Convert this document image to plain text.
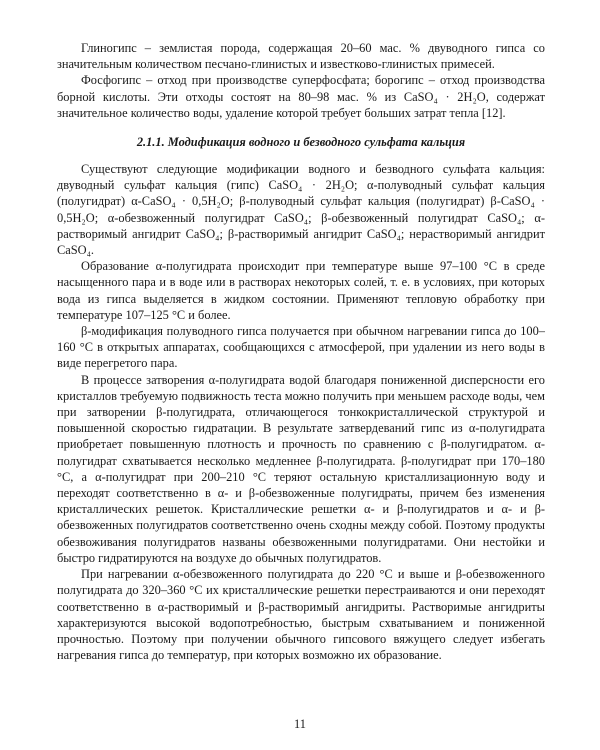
Глиногипс – землистая порода, содержащая 20–60 мас. % двуводного гипса со значительным количеством песчано-глинистых и известково-глинистых примесей.

Фосфогипс – отход при производстве суперфосфата; борогипс – отход производства борной кислоты. Эти отходы состоят на 80–98 мас. % из CaSO₄ · 2H₂O, содержат значительное количество воды, удаление которой требует больших затрат тепла [12].

2.1.1. Модификация водного и безводного сульфата кальция

Существуют следующие модификации водного и безводного сульфата кальция: двуводный сульфат кальция (гипс) CaSO₄ · 2H₂O; α-полуводный сульфат кальция (полугидрат) α-CaSO₄ · 0,5H₂O; β-полуводный сульфат кальция (полугидрат) β-CaSO₄ · 0,5H₂O; α-обезвоженный полугидрат CaSO₄; β-обезвоженный полугидрат CaSO₄; α-растворимый ангидрит CaSO₄; β-растворимый ангидрит CaSO₄; нерастворимый ангидрит CaSO₄.

Образование α-полугидрата происходит при температуре выше 97–100 °С в среде насыщенного пара и в воде или в растворах некоторых солей, т. е. в условиях, при которых вода из гипса выделяется в жидком состоянии. Применяют тепловую обработку при температуре 107–125 °С и более.

β-модификация полуводного гипса получается при обычном нагревании гипса до 100–160 °С в открытых аппаратах, сообщающихся с атмосферой, при удалении из него воды в виде перегретого пара.

В процессе затворения α-полугидрата водой благодаря пониженной дисперсности его кристаллов требуемую подвижность теста можно получить при меньшем расходе воды, чем при затворении β-полугидрата, отличающегося тонкокристаллической структурой и повышенной скоростью гидратации. В результате затвердеваний гипс из α-полугидрата приобретает повышенную плотность и прочность по сравнению с β-полугидратом. α-полугидрат схватывается несколько медленнее β-полугидрата. β-полугидрат при 170–180 °С, а α-полугидрат при 200–210 °С теряют остальную кристаллизационную воду и переходят соответственно в α- и β-обезвоженные полугидраты, причем без изменения кристаллических решеток. Кристаллические решетки α- и β-полугидратов и α- и β-обезвоженных полугидратов соответственно очень сходны между собой. Поэтому продукты обезвоживания полугидратов названы обезвоженными полугидратами. Они нестойки и быстро гидратируются на воздухе до обычных полугидратов.

При нагревании α-обезвоженного полугидрата до 220 °С и выше и β-обезвоженного полугидрата до 320–360 °С их кристаллические решетки перестраиваются и они переходят соответственно в α-растворимый и β-растворимый ангидриты. Растворимые ангидриты характеризуются высокой водопотребностью, быстрым схватыванием и пониженной прочностью. Поэтому при получении обычного гипсового вяжущего следует избегать нагревания гипса до температур, при которых возможно их образование.

11
